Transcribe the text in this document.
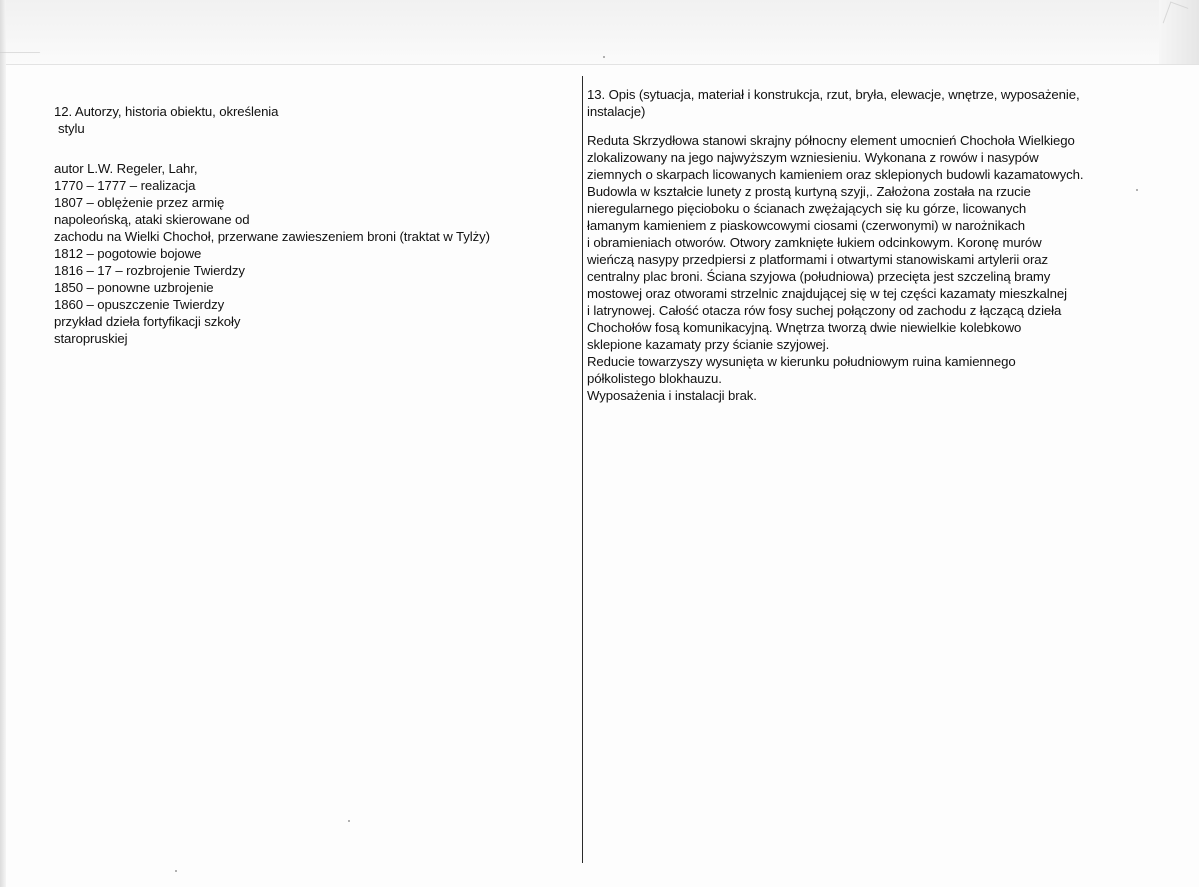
12. Autorzy, historia obiektu, określenia
stylu
autor L.W. Regeler, Lahr,
1770 – 1777 – realizacja
1807 – oblężenie przez armię
napoleońską, ataki skierowane od
zachodu na Wielki Chochoł, przerwane zawieszeniem broni (traktat w Tylży)
1812 – pogotowie bojowe
1816 – 17 – rozbrojenie Twierdzy
1850 – ponowne uzbrojenie
1860 – opuszczenie Twierdzy
przykład dzieła fortyfikacji szkoły
staropruskiej
13. Opis (sytuacja, materiał i konstrukcja, rzut, bryła, elewacje, wnętrze, wyposażenie,
instalacje)
Reduta Skrzydłowa stanowi skrajny północny element umocnień Chochoła Wielkiego
zlokalizowany na jego najwyższym wzniesieniu. Wykonana z rowów i nasypów
ziemnych o skarpach licowanych kamieniem oraz sklepionych budowli kazamatowych.
Budowla w kształcie lunety z prostą kurtyną szyji,. Założona została na rzucie
nieregularnego pięcioboku o ścianach zwężających się ku górze, licowanych
łamanym kamieniem z piaskowcowymi ciosami (czerwonymi) w narożnikach
i obramieniach otworów. Otwory zamknięte łukiem odcinkowym. Koronę murów
wieńczą nasypy przedpiersi z platformami i otwartymi stanowiskami artylerii oraz
centralny plac broni. Ściana szyjowa (południowa) przecięta jest szczeliną bramy
mostowej oraz otworami strzelnic znajdującej się w tej części kazamaty mieszkalnej
i latrynowej. Całość otacza rów fosy suchej połączony od zachodu z łączącą dzieła
Chochołów fosą komunikacyjną. Wnętrza tworzą dwie niewielkie kolebkowo
sklepione kazamaty przy ścianie szyjowej.
Reducie towarzyszy wysunięta w kierunku południowym ruina kamiennego
półkolistego blokhauzu.
Wyposażenia i instalacji brak.
